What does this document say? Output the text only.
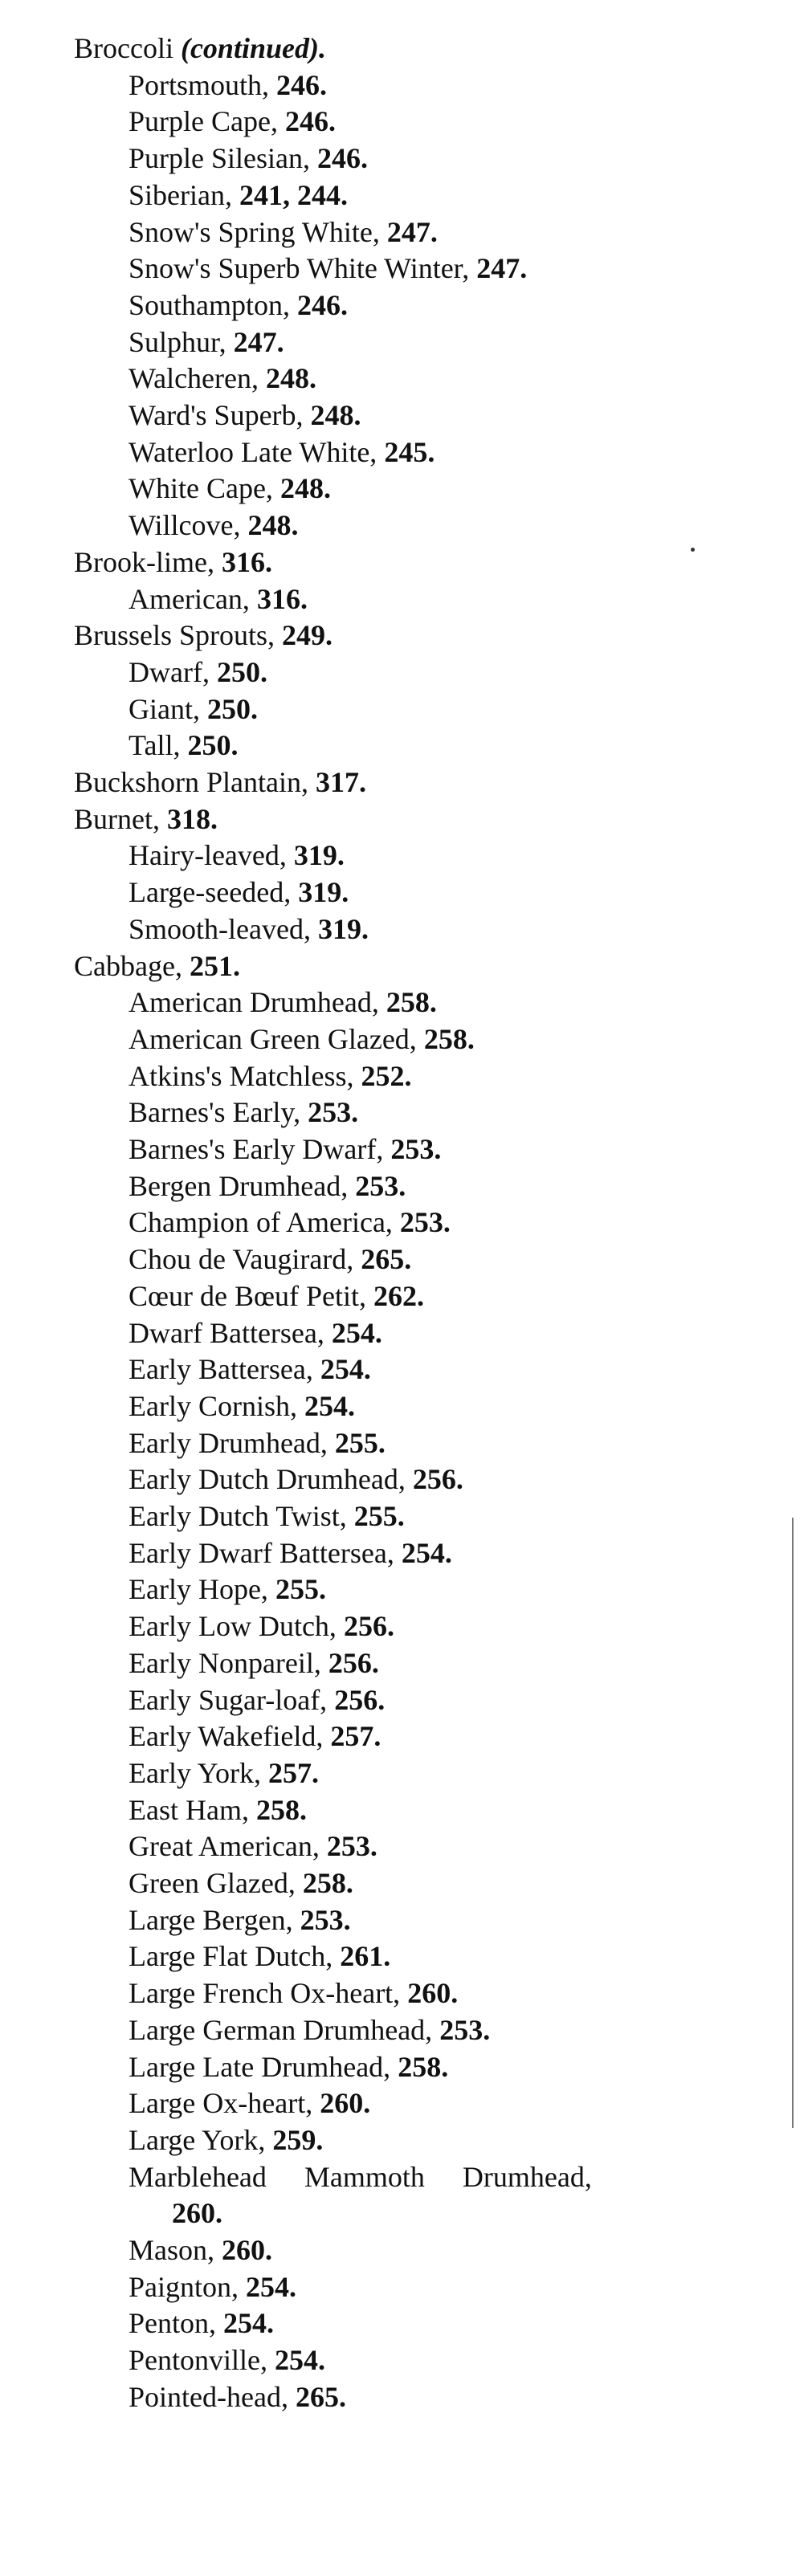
Broccoli (continued).
Portsmouth, 246.
Purple Cape, 246.
Purple Silesian, 246.
Siberian, 241, 244.
Snow's Spring White, 247.
Snow's Superb White Winter, 247.
Southampton, 246.
Sulphur, 247.
Walcheren, 248.
Ward's Superb, 248.
Waterloo Late White, 245.
White Cape, 248.
Willcove, 248.
Brook-lime, 316.
American, 316.
Brussels Sprouts, 249.
Dwarf, 250.
Giant, 250.
Tall, 250.
Buckshorn Plantain, 317.
Burnet, 318.
Hairy-leaved, 319.
Large-seeded, 319.
Smooth-leaved, 319.
Cabbage, 251.
American Drumhead, 258.
American Green Glazed, 258.
Atkins's Matchless, 252.
Barnes's Early, 253.
Barnes's Early Dwarf, 253.
Bergen Drumhead, 253.
Champion of America, 253.
Chou de Vaugirard, 265.
Cœur de Bœuf Petit, 262.
Dwarf Battersea, 254.
Early Battersea, 254.
Early Cornish, 254.
Early Drumhead, 255.
Early Dutch Drumhead, 256.
Early Dutch Twist, 255.
Early Dwarf Battersea, 254.
Early Hope, 255.
Early Low Dutch, 256.
Early Nonpareil, 256.
Early Sugar-loaf, 256.
Early Wakefield, 257.
Early York, 257.
East Ham, 258.
Great American, 253.
Green Glazed, 258.
Large Bergen, 253.
Large Flat Dutch, 261.
Large French Ox-heart, 260.
Large German Drumhead, 253.
Large Late Drumhead, 258.
Large Ox-heart, 260.
Large York, 259.
Marblehead Mammoth Drumhead,
260.
Mason, 260.
Paignton, 254.
Penton, 254.
Pentonville, 254.
Pointed-head, 265.
